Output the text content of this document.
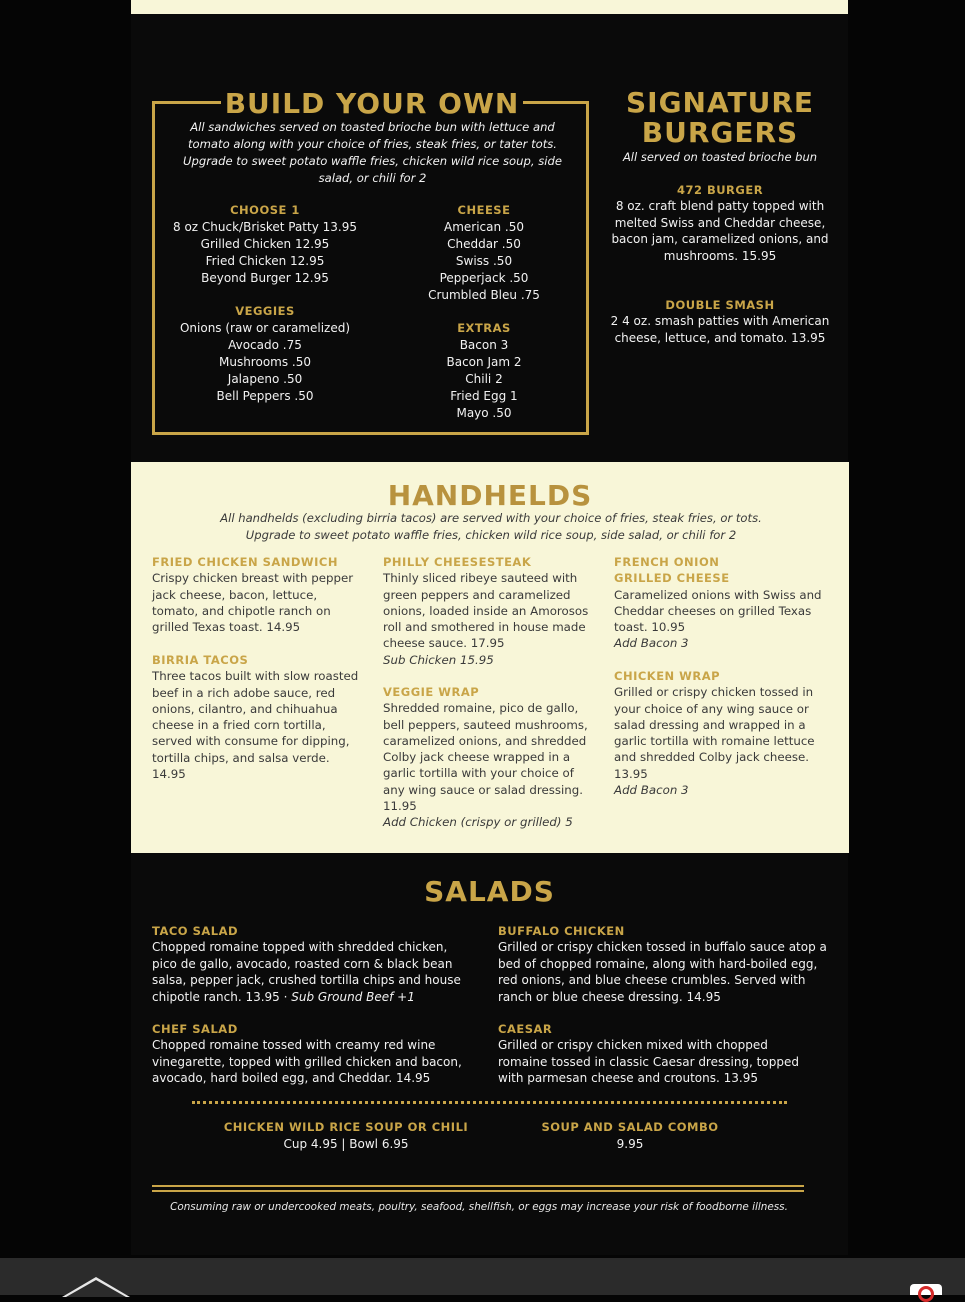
BUILD YOUR OWN
All sandwiches served on toasted brioche bun with lettuce and tomato along with your choice of fries, steak fries, or tater tots. Upgrade to sweet potato waffle fries, chicken wild rice soup, side salad, or chili for 2
CHOOSE 1
8 oz Chuck/Brisket Patty 13.95
Grilled Chicken 12.95
Fried Chicken 12.95
Beyond Burger 12.95
VEGGIES
Onions (raw or caramelized)
Avocado .75
Mushrooms .50
Jalapeno .50
Bell Peppers .50
CHEESE
American .50
Cheddar .50
Swiss .50
Pepperjack .50
Crumbled Bleu .75
EXTRAS
Bacon 3
Bacon Jam 2
Chili 2
Fried Egg 1
Mayo .50
SIGNATURE
BURGERS
All served on toasted brioche bun
472 BURGER
8 oz. craft blend patty topped with melted Swiss and Cheddar cheese, bacon jam, caramelized onions, and mushrooms. 15.95
DOUBLE SMASH
2 4 oz. smash patties with American cheese, lettuce, and tomato. 13.95
HANDHELDS
All handhelds (excluding birria tacos) are served with your choice of fries, steak fries, or tots.
Upgrade to sweet potato waffle fries, chicken wild rice soup, side salad, or chili for 2
FRIED CHICKEN SANDWICH
Crispy chicken breast with pepper jack cheese, bacon, lettuce, tomato, and chipotle ranch on grilled Texas toast. 14.95
BIRRIA TACOS
Three tacos built with slow roasted beef in a rich adobe sauce, red onions, cilantro, and chihuahua cheese in a fried corn tortilla, served with consume for dipping, tortilla chips, and salsa verde. 14.95
PHILLY CHEESESTEAK
Thinly sliced ribeye sauteed with green peppers and caramelized onions, loaded inside an Amorosos roll and smothered in house made cheese sauce. 17.95
Sub Chicken 15.95
VEGGIE WRAP
Shredded romaine, pico de gallo, bell peppers, sauteed mushrooms, caramelized onions, and shredded Colby jack cheese wrapped in a garlic tortilla with your choice of any wing sauce or salad dressing. 11.95
Add Chicken (crispy or grilled) 5
FRENCH ONION
GRILLED CHEESE
Caramelized onions with Swiss and Cheddar cheeses on grilled Texas toast. 10.95
Add Bacon 3
CHICKEN WRAP
Grilled or crispy chicken tossed in your choice of any wing sauce or salad dressing and wrapped in a garlic tortilla with romaine lettuce and shredded Colby jack cheese. 13.95
Add Bacon 3
SALADS
TACO SALAD
Chopped romaine topped with shredded chicken, pico de gallo, avocado, roasted corn & black bean salsa, pepper jack, crushed tortilla chips and house chipotle ranch. 13.95 · Sub Ground Beef +1
CHEF SALAD
Chopped romaine tossed with creamy red wine vinegarette, topped with grilled chicken and bacon, avocado, hard boiled egg, and Cheddar. 14.95
BUFFALO CHICKEN
Grilled or crispy chicken tossed in buffalo sauce atop a bed of chopped romaine, along with hard-boiled egg, red onions, and blue cheese crumbles. Served with ranch or blue cheese dressing. 14.95
CAESAR
Grilled or crispy chicken mixed with chopped romaine tossed in classic Caesar dressing, topped with parmesan cheese and croutons. 13.95
CHICKEN WILD RICE SOUP OR CHILI
Cup 4.95 | Bowl 6.95
SOUP AND SALAD COMBO
9.95
Consuming raw or undercooked meats, poultry, seafood, shellfish, or eggs may increase your risk of foodborne illness.
